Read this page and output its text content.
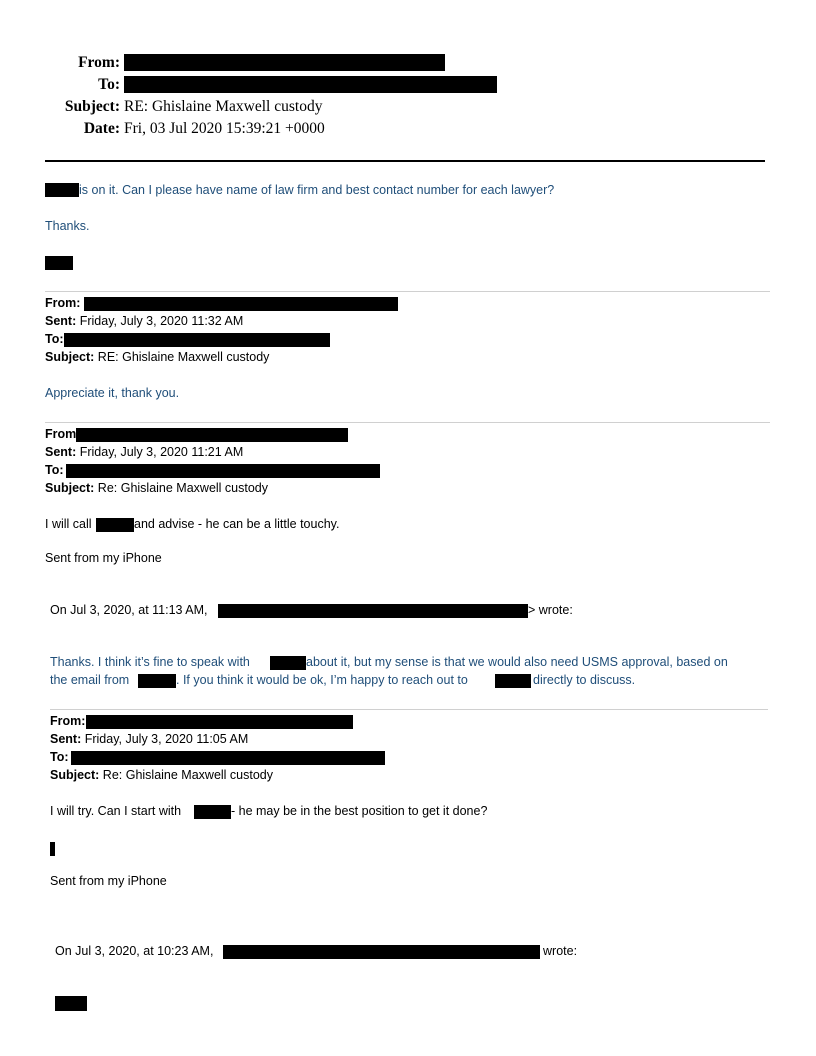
From:
To:
Subject: RE: Ghislaine Maxwell custody
Date: Fri, 03 Jul 2020 15:39:21 +0000
is on it. Can I please have name of law firm and best contact number for each lawyer?
Thanks.
From:
Sent: Friday, July 3, 2020 11:32 AM
To:
Subject: RE: Ghislaine Maxwell custody
Appreciate it, thank you.
From
Sent: Friday, July 3, 2020 11:21 AM
To:
Subject: Re: Ghislaine Maxwell custody
I will call	and advise - he can be a little touchy.
Sent from my iPhone
On Jul 3, 2020, at 11:13 AM,	> wrote:
Thanks. I think it’s fine to speak with	about it, but my sense is that we would also need USMS approval, based on
the email from	. If you think it would be ok, I’m happy to reach out to	directly to discuss.
From:
Sent: Friday, July 3, 2020 11:05 AM
To:
Subject: Re: Ghislaine Maxwell custody
I will try. Can I start with	- he may be in the best position to get it done?
Sent from my iPhone
On Jul 3, 2020, at 10:23 AM,	wrote:
